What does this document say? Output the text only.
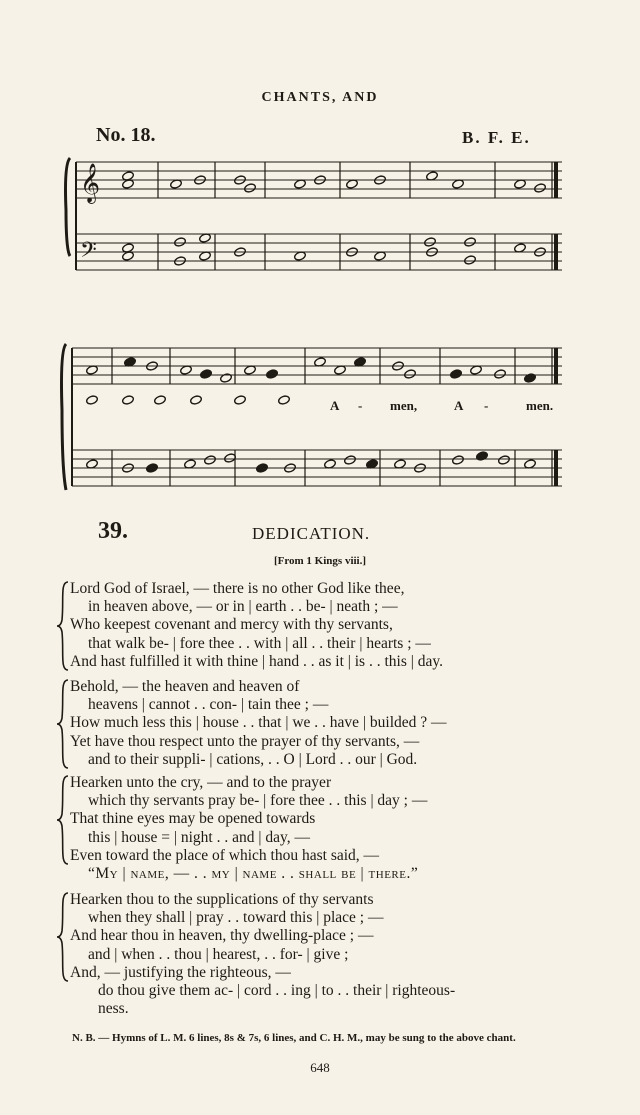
CHANTS, AND
No. 18.	B. F. E.
𝄞
𝄢
A - men,	A -	men.
39.	DEDICATION.
[From 1 Kings viii.]
Lord God of Israel, — there is no other God like thee,
in heaven above, — or in | earth . . be- | neath ; —
Who keepest covenant and mercy with thy servants,
that walk be- | fore thee . . with | all . . their | hearts ; —
And hast fulfilled it with thine | hand . . as it | is . . this | day.
Behold, — the heaven and heaven of
heavens | cannot . . con- | tain thee ; —
How much less this | house . . that | we . . have | builded ? —
Yet have thou respect unto the prayer of thy servants, —
and to their suppli- | cations, . . O | Lord . . our | God.
Hearken unto the cry, — and to the prayer
which thy servants pray be- | fore thee . . this | day ; —
That thine eyes may be opened towards
this | house = | night . . and | day, —
Even toward the place of which thou hast said, —
“My | name, — . . my | name . . shall be | there.”
Hearken thou to the supplications of thy servants
when they shall | pray . . toward this | place ; —
And hear thou in heaven, thy dwelling-place ; —
and | when . . thou | hearest, . . for- | give ;
And, — justifying the righteous, —
do thou give them ac- | cord . . ing | to . . their | righteous-
ness.
N. B. — Hymns of L. M. 6 lines, 8s & 7s, 6 lines, and C. H. M., may be sung to the above chant.
648
